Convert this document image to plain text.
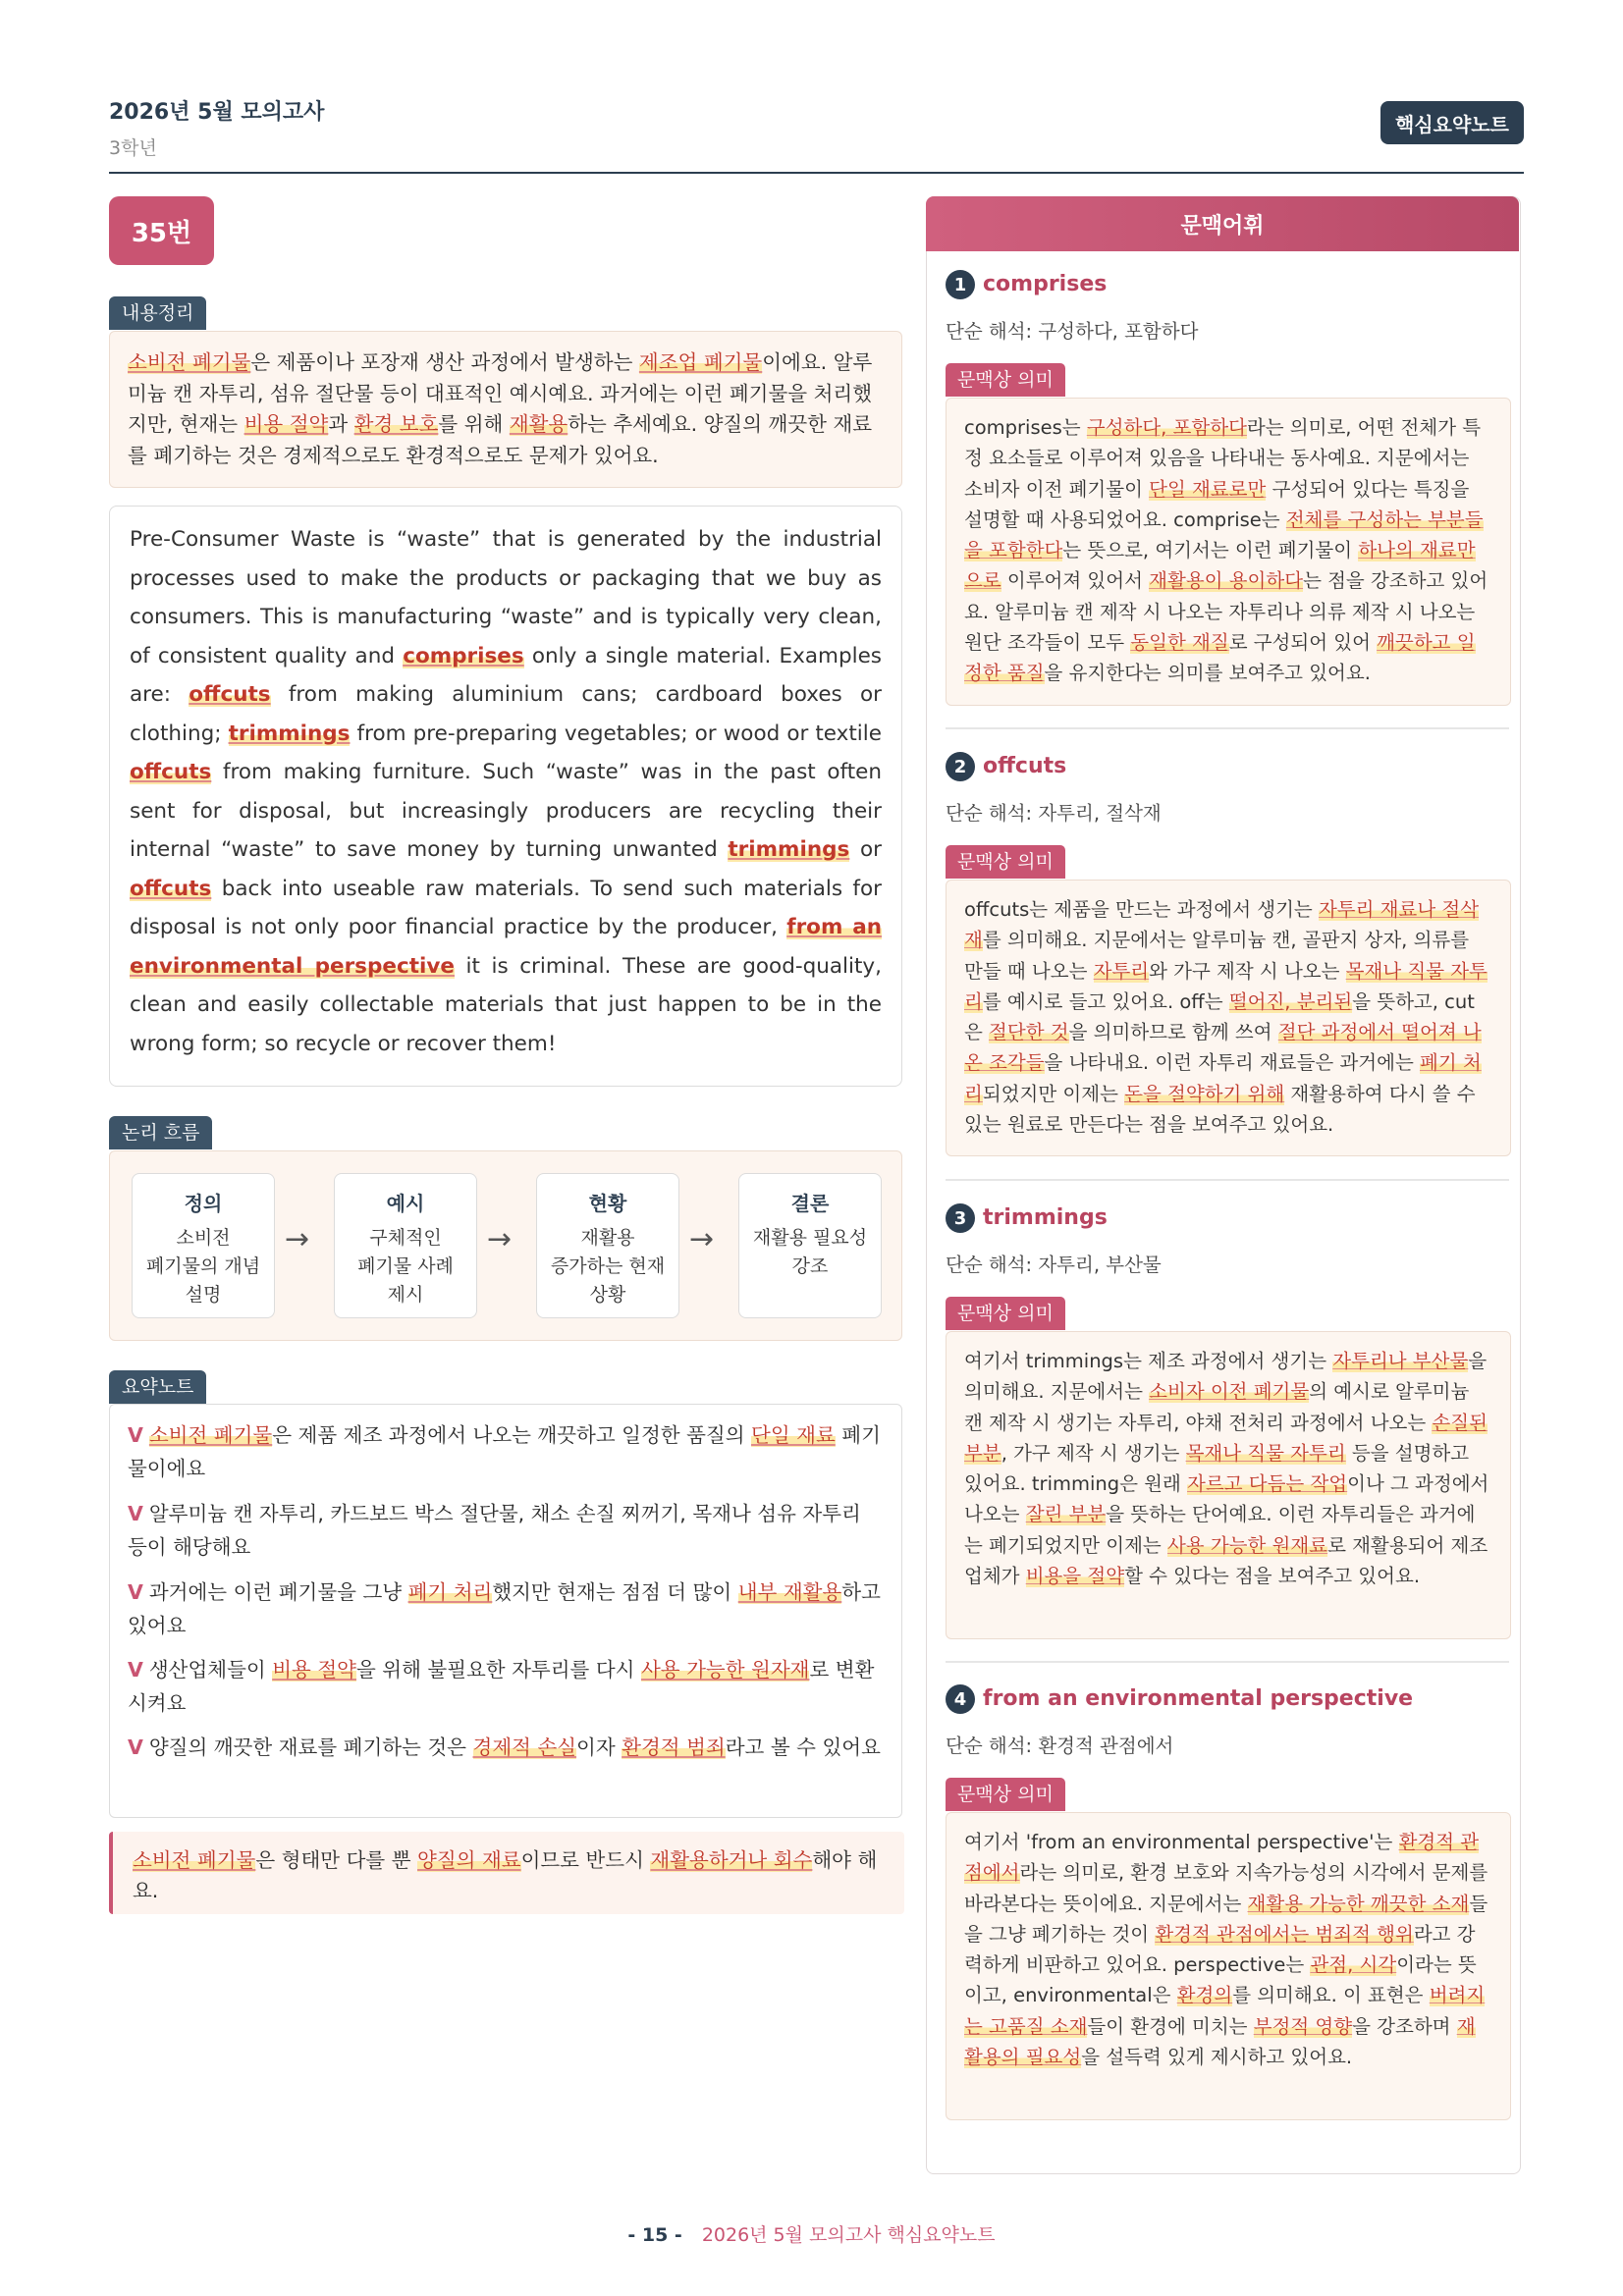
2026년 5월 모의고사
3학년
핵심요약노트
35번
내용정리

소비전 폐기물은 제품이나 포장재 생산 과정에서 발생하는 제조업 폐기물이에요. 알루미늄 캔 자투리, 섬유 절단물 등이 대표적인 예시예요. 과거에는 이런 폐기물을 처리했지만, 현재는 비용 절약과 환경 보호를 위해 재활용하는 추세예요. 양질의 깨끗한 재료를 폐기하는 것은 경제적으로도 환경적으로도 문제가 있어요.

Pre-Consumer Waste is “waste” that is generated by the industrial processes used to make the products or packaging that we buy as consumers. This is manufacturing “waste” and is typically very clean, of consistent quality and comprises only a single material. Examples are: offcuts from making aluminium cans; cardboard boxes or clothing; trimmings from pre-preparing vegetables; or wood or textile offcuts from making furniture. Such “waste” was in the past often sent for disposal, but increasingly producers are recycling their internal “waste” to save money by turning unwanted trimmings or offcuts back into useable raw materials. To send such materials for disposal is not only poor financial practice by the producer, from an environmental perspective it is criminal. These are good-quality, clean and easily collectable materials that just happen to be in the wrong form; so recycle or recover them!

논리 흐름
정의
소비전
폐기물의 개념
설명
→
예시
구체적인
폐기물 사례
제시
→
현황
재활용
증가하는 현재
상황
→
결론
재활용 필요성
강조
요약노트
V 소비전 폐기물은 제품 제조 과정에서 나오는 깨끗하고 일정한 품질의 단일 재료 폐기물이에요
V 알루미늄 캔 자투리, 카드보드 박스 절단물, 채소 손질 찌꺼기, 목재나 섬유 자투리 등이 해당해요
V 과거에는 이런 폐기물을 그냥 폐기 처리했지만 현재는 점점 더 많이 내부 재활용하고 있어요
V 생산업체들이 비용 절약을 위해 불필요한 자투리를 다시 사용 가능한 원자재로 변환시켜요
V 양질의 깨끗한 재료를 폐기하는 것은 경제적 손실이자 환경적 범죄라고 볼 수 있어요

소비전 폐기물은 형태만 다를 뿐 양질의 재료이므로 반드시 재활용하거나 회수해야 해요.

문맥어휘
1 comprises
단순 해석: 구성하다, 포함하다
문맥상 의미

comprises는 구성하다, 포함하다라는 의미로, 어떤 전체가 특정 요소들로 이루어져 있음을 나타내는 동사예요. 지문에서는 소비자 이전 폐기물이 단일 재료로만 구성되어 있다는 특징을 설명할 때 사용되었어요. comprise는 전체를 구성하는 부분들을 포함한다는 뜻으로, 여기서는 이런 폐기물이 하나의 재료만으로 이루어져 있어서 재활용이 용이하다는 점을 강조하고 있어요. 알루미늄 캔 제작 시 나오는 자투리나 의류 제작 시 나오는 원단 조각들이 모두 동일한 재질로 구성되어 있어 깨끗하고 일정한 품질을 유지한다는 의미를 보여주고 있어요.

2 offcuts
단순 해석: 자투리, 절삭재
문맥상 의미

offcuts는 제품을 만드는 과정에서 생기는 자투리 재료나 절삭재를 의미해요. 지문에서는 알루미늄 캔, 골판지 상자, 의류를 만들 때 나오는 자투리와 가구 제작 시 나오는 목재나 직물 자투리를 예시로 들고 있어요. off는 떨어진, 분리된을 뜻하고, cut은 절단한 것을 의미하므로 함께 쓰여 절단 과정에서 떨어져 나온 조각들을 나타내요. 이런 자투리 재료들은 과거에는 폐기 처리되었지만 이제는 돈을 절약하기 위해 재활용하여 다시 쓸 수 있는 원료로 만든다는 점을 보여주고 있어요.

3 trimmings
단순 해석: 자투리, 부산물
문맥상 의미

여기서 trimmings는 제조 과정에서 생기는 자투리나 부산물을 의미해요. 지문에서는 소비자 이전 폐기물의 예시로 알루미늄 캔 제작 시 생기는 자투리, 야채 전처리 과정에서 나오는 손질된 부분, 가구 제작 시 생기는 목재나 직물 자투리 등을 설명하고 있어요. trimming은 원래 자르고 다듬는 작업이나 그 과정에서 나오는 잘린 부분을 뜻하는 단어예요. 이런 자투리들은 과거에는 폐기되었지만 이제는 사용 가능한 원재료로 재활용되어 제조업체가 비용을 절약할 수 있다는 점을 보여주고 있어요.

4 from an environmental perspective
단순 해석: 환경적 관점에서
문맥상 의미

여기서 'from an environmental perspective'는 환경적 관점에서라는 의미로, 환경 보호와 지속가능성의 시각에서 문제를 바라본다는 뜻이에요. 지문에서는 재활용 가능한 깨끗한 소재들을 그냥 폐기하는 것이 환경적 관점에서는 범죄적 행위라고 강력하게 비판하고 있어요. perspective는 관점, 시각이라는 뜻이고, environmental은 환경의를 의미해요. 이 표현은 버려지는 고품질 소재들이 환경에 미치는 부정적 영향을 강조하며 재활용의 필요성을 설득력 있게 제시하고 있어요.

- 15 - 2026년 5월 모의고사 핵심요약노트
